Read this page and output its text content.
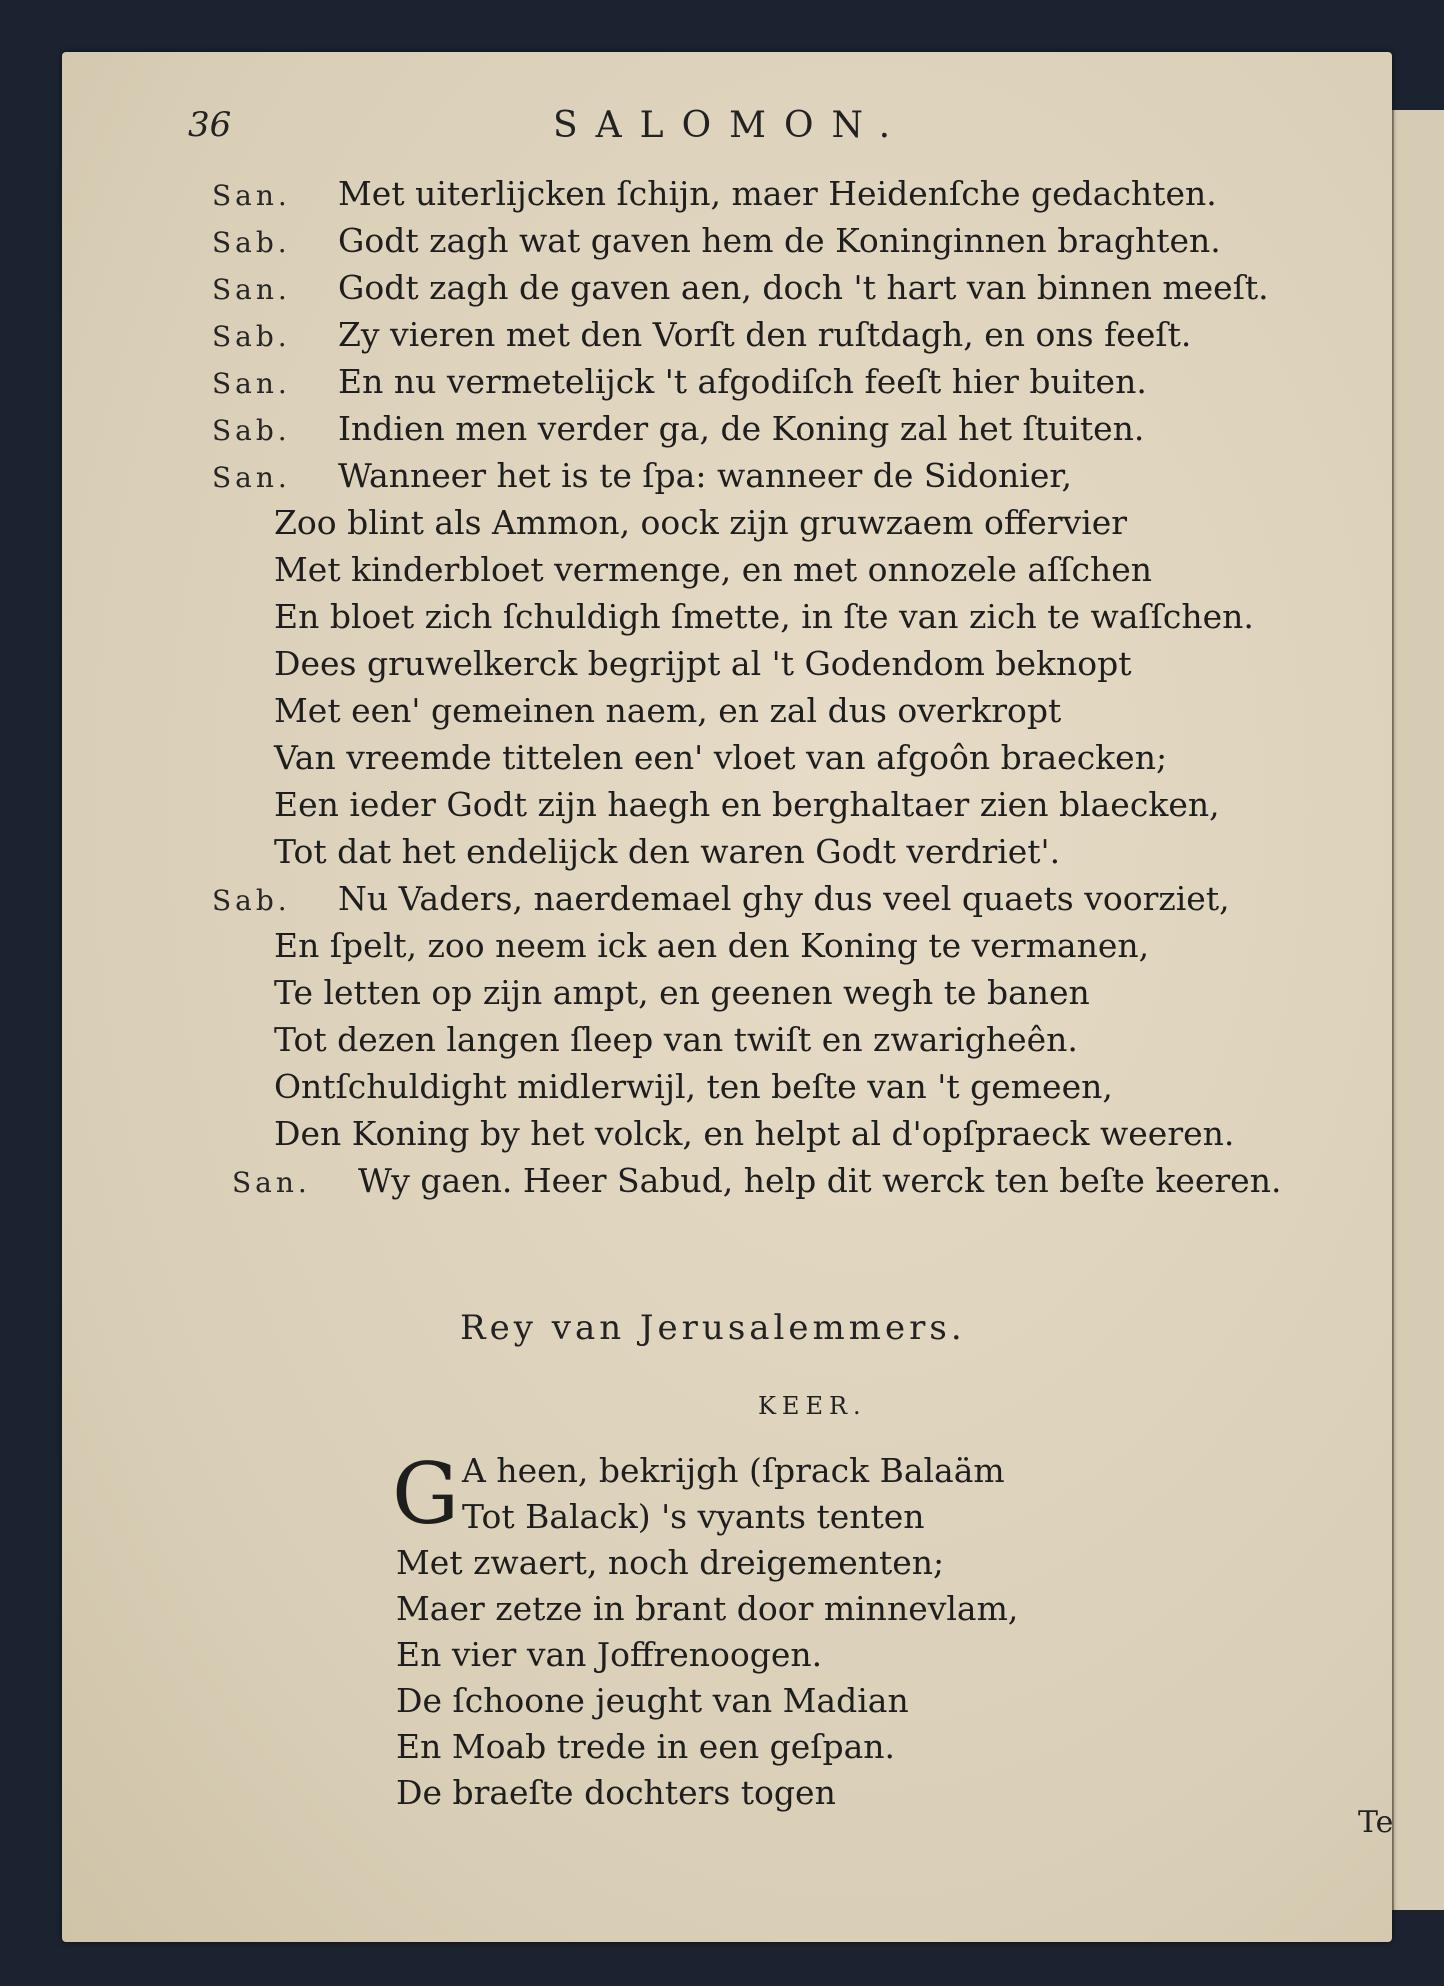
36	SALOMON.
San. Met uiterlijcken ſchijn, maer Heidenſche gedachten.
Sab. Godt zagh wat gaven hem de Koninginnen braghten.
San. Godt zagh de gaven aen, doch 't hart van binnen meeſt.
Sab. Zy vieren met den Vorſt den ruſtdagh, en ons feeſt.
San. En nu vermetelijck 't afgodiſch feeſt hier buiten.
Sab. Indien men verder ga, de Koning zal het ſtuiten.
San. Wanneer het is te ſpa: wanneer de Sidonier,
Zoo blint als Ammon, oock zijn gruwzaem offervier
Met kinderbloet vermenge, en met onnozele aſſchen
En bloet zich ſchuldigh ſmette, in ſte van zich te waſſchen.
Dees gruwelkerck begrijpt al 't Godendom beknopt
Met een' gemeinen naem, en zal dus overkropt
Van vreemde tittelen een' vloet van afgoôn braecken;
Een ieder Godt zijn haegh en berghaltaer zien blaecken,
Tot dat het endelijck den waren Godt verdriet'.
Sab. Nu Vaders, naerdemael ghy dus veel quaets voorziet,
En ſpelt, zoo neem ick aen den Koning te vermanen,
Te letten op zijn ampt, en geenen wegh te banen
Tot dezen langen ſleep van twiſt en zwarigheên.
Ontſchuldight midlerwijl, ten beſte van 't gemeen,
Den Koning by het volck, en helpt al d'opſpraeck weeren.
San. Wy gaen. Heer Sabud, help dit werck ten beſte keeren.
Rey van Jerusalemmers.
KEER.
G A heen, bekrijgh (ſprack Balaäm
Tot Balack) 's vyants tenten
Met zwaert, noch dreigementen;
Maer zetze in brant door minnevlam,
En vier van Joffrenoogen.
De ſchoone jeught van Madian
En Moab trede in een geſpan.
De braeſte dochters togen
Te
